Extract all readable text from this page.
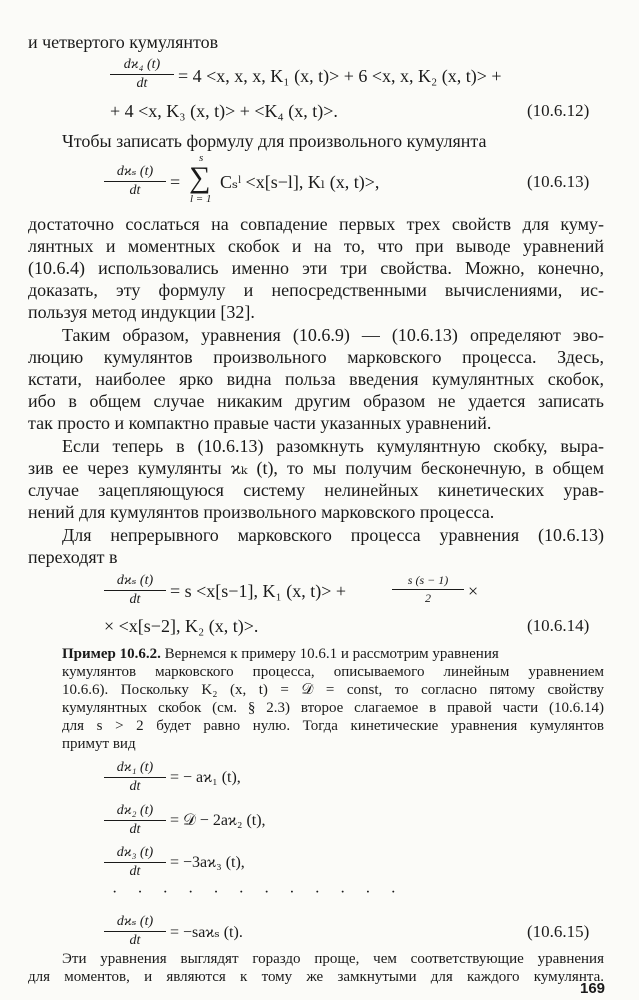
и четвертого кумулянтов
$\frac{\text{dϰ₄ (t)}}{dt} = 4 <x$, x, x, K₁ (x, t)> + 6 <x, x, K₂ (x, t)> +
+ 4 <x, K₃ (x, t)> + <K₄ (x, t)>.	(10.6.12)
Чтобы записать формулу для произвольного кумулянта
dϰₛ (t)
dt	=
s
∑
l = 1
Cₛˡ <x[s−l], Kₗ (x, t)>,	(10.6.13)
достаточно сослаться на совпадение первых трех свойств для куму-
лянтных и моментных скобок и на то, что при выводе уравнений
(10.6.4) использовались именно эти три свойства. Можно, конечно,
доказать, эту формулу и непосредственными вычислениями, ис-
пользуя метод индукции [32].
Таким образом, уравнения (10.6.9) — (10.6.13) определяют эво-
люцию кумулянтов произвольного марковского процесса. Здесь,
кстати, наиболее ярко видна польза введения кумулянтных скобок,
ибо в общем случае никаким другим образом не удается записать
так просто и компактно правые части указанных уравнений.
Если теперь в (10.6.13) разомкнуть кумулянтную скобку, выра-
зив ее через кумулянты ϰₖ (t), то мы получим бесконечную, в общем
случае зацепляющуюся систему нелинейных кинетических урав-
нений для кумулянтов произвольного марковского процесса.
Для непрерывного марковского процесса уравнения (10.6.13)
переходят в
dϰₛ (t)
dt	= s <x[s−1], K₁ (x, t)> +	$\frac{s (s - 1)}{2}$ ×
× <x[s−2], K₂ (x, t)>.	(10.6.14)
Пример 10.6.2. Вернемся к примеру 10.6.1 и рассмотрим уравнения
кумулянтов марковского процесса, описываемого линейным уравнением
10.6.6). Поскольку K₂ (x, t) = 𝒟 = const, то согласно пятому свойству
кумулянтных скобок (см. § 2.3) второе слагаемое в правой части (10.6.14)
для s > 2 будет равно нулю. Тогда кинетические уравнения кумулянтов
примут вид
$\frac{\text{dϰ₁ (t)}}{dt}$ = − aϰ₁ (t),
$\frac{\text{dϰ₂ (t)}}{dt}$ = 𝒟 − 2aϰ₂ (t),
$\frac{\text{dϰ₃ (t)}}{dt} = -3aϰ_3$ (t),
· · · · · · · · · · · ·
dϰₛ (t)
dt	= −saϰₛ (t).	(10.6.15)
Эти уравнения выглядят гораздо проще, чем соответствующие уравнения
для моментов, и являются к тому же замкнутыми для каждого кумулянта.
169
